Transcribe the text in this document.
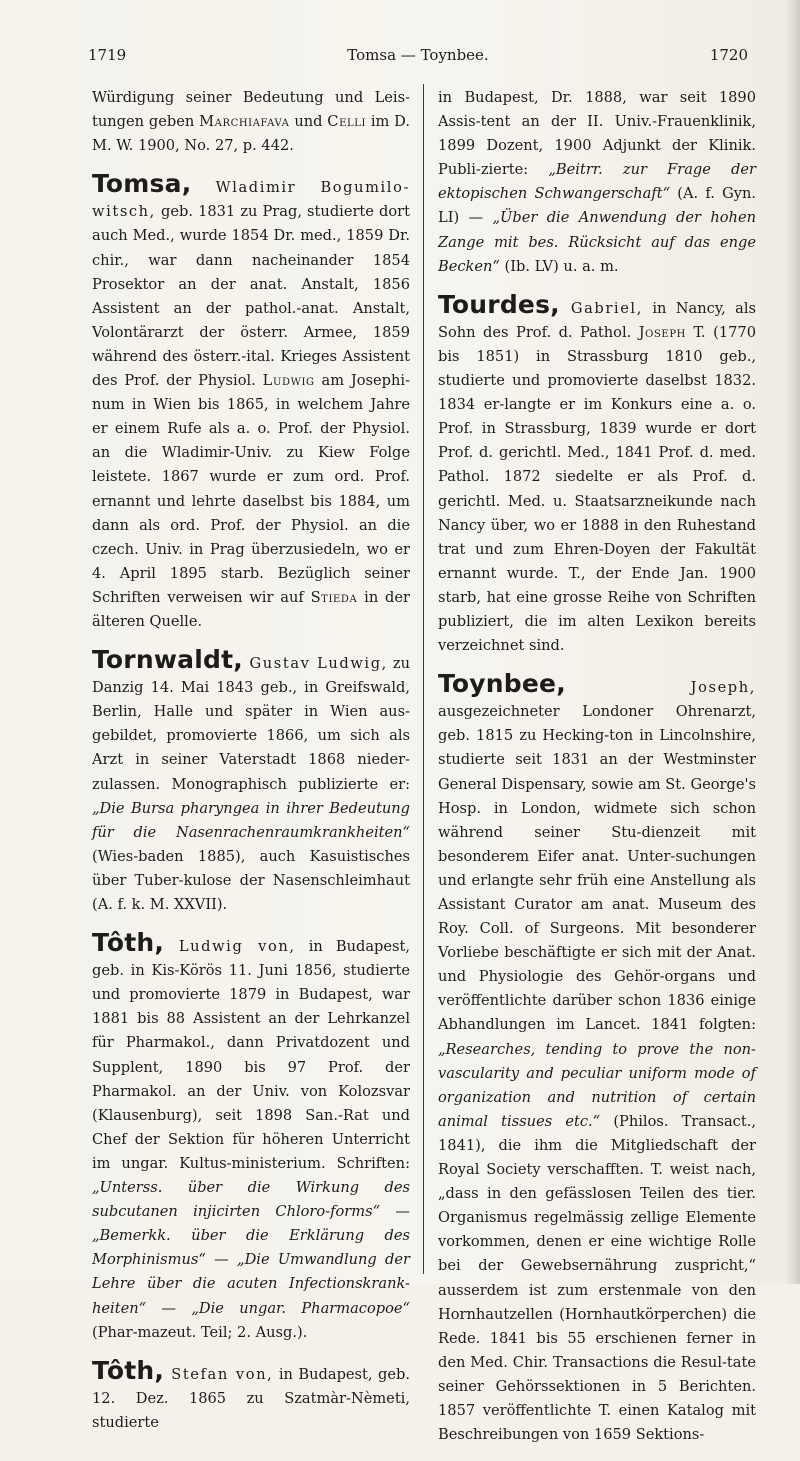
1719	Tomsa — Toynbee.	1720

Würdigung seiner Bedeutung und Leis-tungen geben Marchiafava und Celli im D. M. W. 1900, No. 27, p. 442.

Tomsa, Wladimir Bogumilo-witsch, geb. 1831 zu Prag, studierte dort auch Med., wurde 1854 Dr. med., 1859 Dr. chir., war dann nacheinander 1854 Prosektor an der anat. Anstalt, 1856 Assistent an der pathol.-anat. Anstalt, Volontärarzt der österr. Armee, 1859 während des österr.-ital. Krieges Assistent des Prof. der Physiol. Ludwig am Josephi-num in Wien bis 1865, in welchem Jahre er einem Rufe als a. o. Prof. der Physiol. an die Wladimir-Univ. zu Kiew Folge leistete. 1867 wurde er zum ord. Prof. ernannt und lehrte daselbst bis 1884, um dann als ord. Prof. der Physiol. an die czech. Univ. in Prag überzusiedeln, wo er 4. April 1895 starb. Bezüglich seiner Schriften verweisen wir auf Stieda in der älteren Quelle.

Tornwaldt, Gustav Ludwig, zu Danzig 14. Mai 1843 geb., in Greifswald, Berlin, Halle und später in Wien aus-gebildet, promovierte 1866, um sich als Arzt in seiner Vaterstadt 1868 nieder-zulassen. Monographisch publizierte er: „Die Bursa pharyngea in ihrer Bedeutung für die Nasenrachenraumkrankheiten“ (Wies-baden 1885), auch Kasuistisches über Tuber-kulose der Nasenschleimhaut (A. f. k. M. XXVII).

Tôth, Ludwig von, in Budapest, geb. in Kis-Körös 11. Juni 1856, studierte und promovierte 1879 in Budapest, war 1881 bis 88 Assistent an der Lehrkanzel für Pharmakol., dann Privatdozent und Supplent, 1890 bis 97 Prof. der Pharmakol. an der Univ. von Kolozsvar (Klausenburg), seit 1898 San.-Rat und Chef der Sektion für höheren Unterricht im ungar. Kultus-ministerium. Schriften: „Unterss. über die Wirkung des subcutanen injicirten Chloro-forms“ — „Bemerkk. über die Erklärung des Morphinismus“ — „Die Umwandlung der Lehre über die acuten Infectionskrank-heiten“ — „Die ungar. Pharmacopoe“ (Phar-mazeut. Teil; 2. Ausg.).

Tôth, Stefan von, in Budapest, geb. 12. Dez. 1865 zu Szatmàr-Nèmeti, studierte

in Budapest, Dr. 1888, war seit 1890 Assis-tent an der II. Univ.-Frauenklinik, 1899 Dozent, 1900 Adjunkt der Klinik. Publi-zierte: „Beitrr. zur Frage der ektopischen Schwangerschaft“ (A. f. Gyn. LI) — „Über die Anwendung der hohen Zange mit bes. Rücksicht auf das enge Becken“ (Ib. LV) u. a. m.

Tourdes, Gabriel, in Nancy, als Sohn des Prof. d. Pathol. Joseph T. (1770 bis 1851) in Strassburg 1810 geb., studierte und promovierte daselbst 1832. 1834 er-langte er im Konkurs eine a. o. Prof. in Strassburg, 1839 wurde er dort Prof. d. gerichtl. Med., 1841 Prof. d. med. Pathol. 1872 siedelte er als Prof. d. gerichtl. Med. u. Staatsarzneikunde nach Nancy über, wo er 1888 in den Ruhestand trat und zum Ehren-Doyen der Fakultät ernannt wurde. T., der Ende Jan. 1900 starb, hat eine grosse Reihe von Schriften publiziert, die im alten Lexikon bereits verzeichnet sind.

Toynbee, Joseph, ausgezeichneter Londoner Ohrenarzt, geb. 1815 zu Hecking-ton in Lincolnshire, studierte seit 1831 an der Westminster General Dispensary, sowie am St. George's Hosp. in London, widmete sich schon während seiner Stu-dienzeit mit besonderem Eifer anat. Unter-suchungen und erlangte sehr früh eine Anstellung als Assistant Curator am anat. Museum des Roy. Coll. of Surgeons. Mit besonderer Vorliebe beschäftigte er sich mit der Anat. und Physiologie des Gehör-organs und veröffentlichte darüber schon 1836 einige Abhandlungen im Lancet. 1841 folgten: „Researches, tending to prove the non-vascularity and peculiar uniform mode of organization and nutrition of certain animal tissues etc.“ (Philos. Transact., 1841), die ihm die Mitgliedschaft der Royal Society verschafften. T. weist nach, „dass in den gefässlosen Teilen des tier. Organismus regelmässig zellige Elemente vorkommen, denen er eine wichtige Rolle bei der Gewebsernährung zuspricht,“ ausserdem ist zum erstenmale von den Hornhautzellen (Hornhautkörperchen) die Rede. 1841 bis 55 erschienen ferner in den Med. Chir. Transactions die Resul-tate seiner Gehörssektionen in 5 Berichten. 1857 veröffentlichte T. einen Katalog mit Beschreibungen von 1659 Sektions-
